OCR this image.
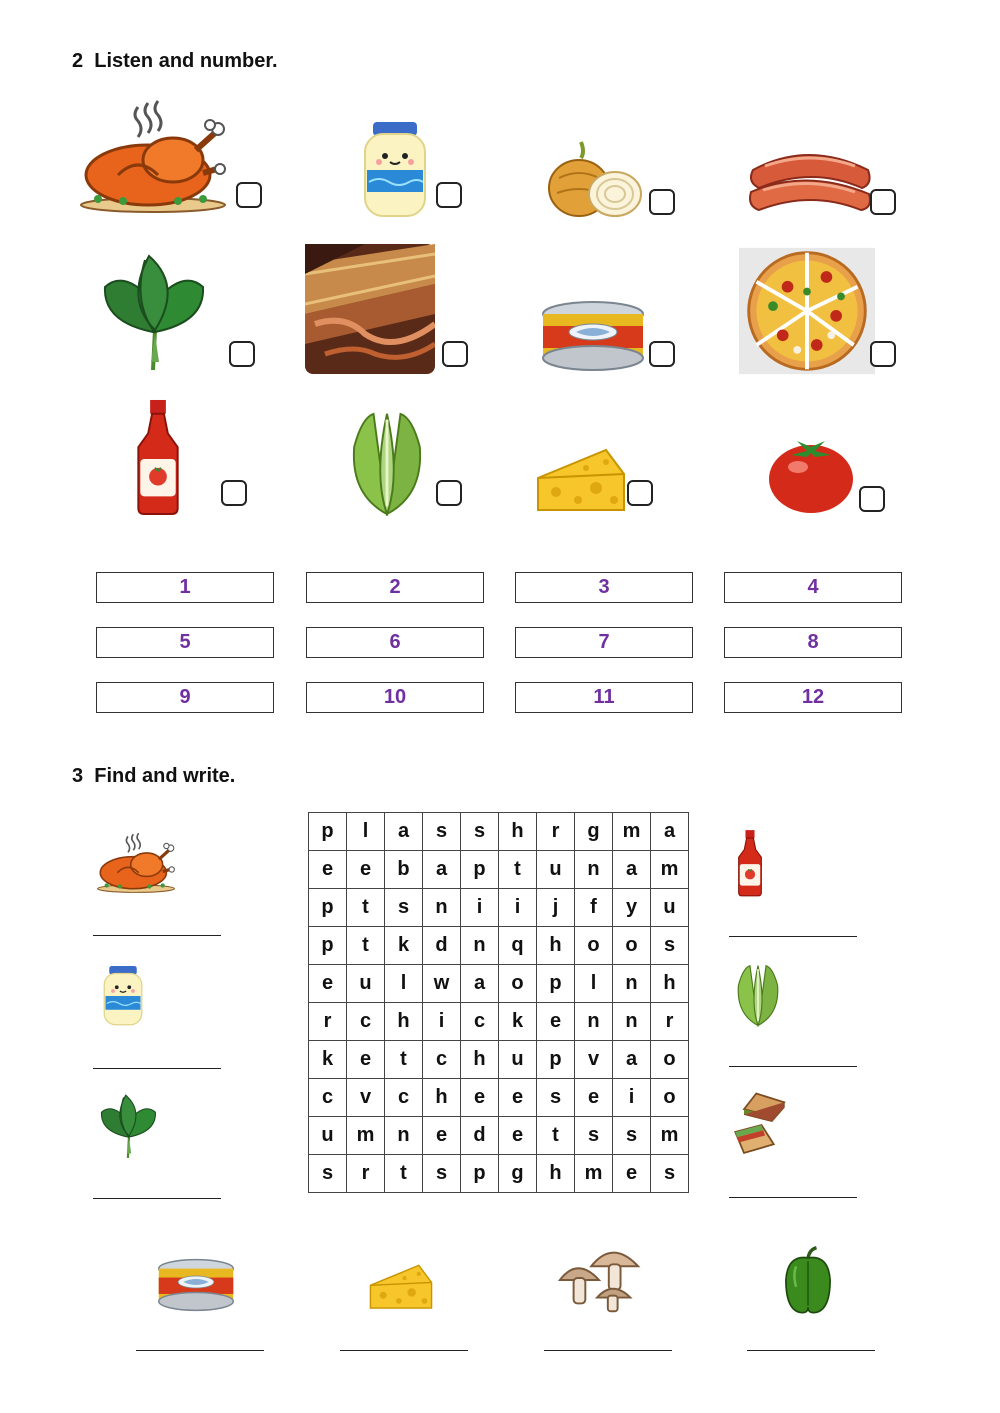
2 Listen and number.
1	2	3	4
5	6	7	8
9	10	11	12
3 Find and write.
p	l	a	s	s	h	r	g	m	a
e	e	b	a	p	t	u	n	a	m
p	t	s	n	i	i	j	f	y	u
p	t	k	d	n	q	h	o	o	s
e	u	l	w	a	o	p	l	n	h
r	c	h	i	c	k	e	n	n	r
k	e	t	c	h	u	p	v	a	o
c	v	c	h	e	e	s	e	i	o
u	m	n	e	d	e	t	s	s	m
s	r	t	s	p	g	h	m	e	s
